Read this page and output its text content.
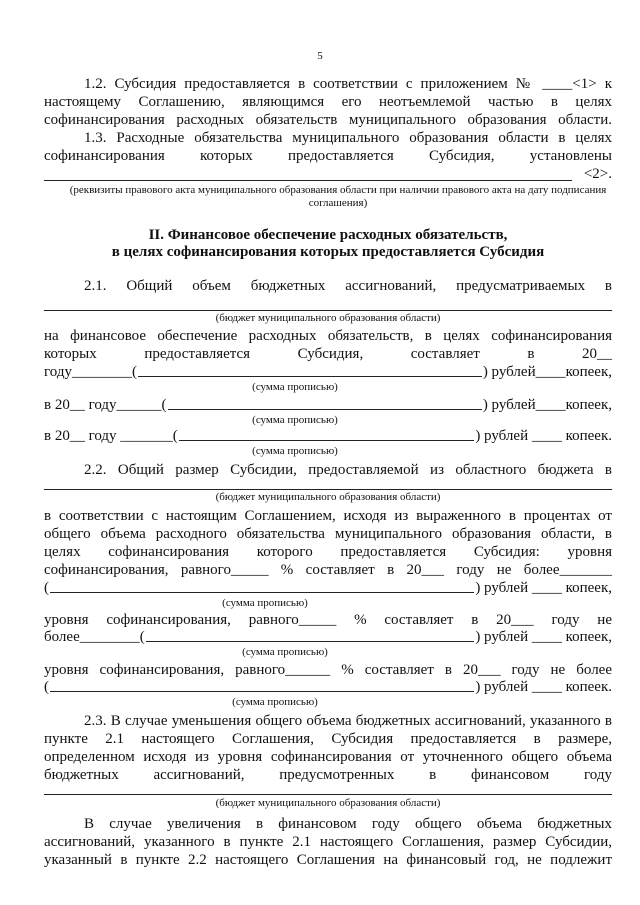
5
1.2. Субсидия предоставляется в соответствии с приложением № ____<1> к
настоящему Соглашению, являющимся его неотъемлемой частью в целях
софинансирования расходных обязательств муниципального образования области.
1.3. Расходные обязательства муниципального образования области в целях
софинансирования которых предоставляется Субсидия, установлены
<2>.
(реквизиты правового акта муниципального образования области при наличии правового акта на дату подписания соглашения)
II. Финансовое обеспечение расходных обязательств,
в целях софинансирования которых предоставляется Субсидия
2.1. Общий объем бюджетных ассигнований, предусматриваемых в
(бюджет муниципального образования области)
на финансовое обеспечение расходных обязательств, в целях софинансирования
которых предоставляется Субсидия, составляет в 20__
году________(	) рублей____копеек,
(сумма прописью)
в 20__ году______(	) рублей____копеек,
(сумма прописью)
в 20__ году _______(	) рублей ____ копеек.
(сумма прописью)
2.2. Общий размер Субсидии, предоставляемой из областного бюджета в
(бюджет муниципального образования области)
в соответствии с настоящим Соглашением, исходя из выраженного в процентах от
общего объема расходного обязательства муниципального образования области, в
целях софинансирования которого предоставляется Субсидия: уровня
софинансирования, равного_____ % составляет в 20___ году не более_______
(	) рублей ____ копеек,
(сумма прописью)
уровня софинансирования, равного_____ % составляет в 20___ году не
более________(	) рублей ____ копеек,
(сумма прописью)
уровня софинансирования, равного______ % составляет в 20___ году не более
(	) рублей ____ копеек.
(сумма прописью)
2.3. В случае уменьшения общего объема бюджетных ассигнований, указанного в
пункте 2.1 настоящего Соглашения, Субсидия предоставляется в размере,
определенном исходя из уровня софинансирования от уточненного общего объема
бюджетных ассигнований, предусмотренных в финансовом году
(бюджет муниципального образования области)
В случае увеличения в финансовом году общего объема бюджетных
ассигнований, указанного в пункте 2.1 настоящего Соглашения, размер Субсидии,
указанный в пункте 2.2 настоящего Соглашения на финансовый год, не подлежит
